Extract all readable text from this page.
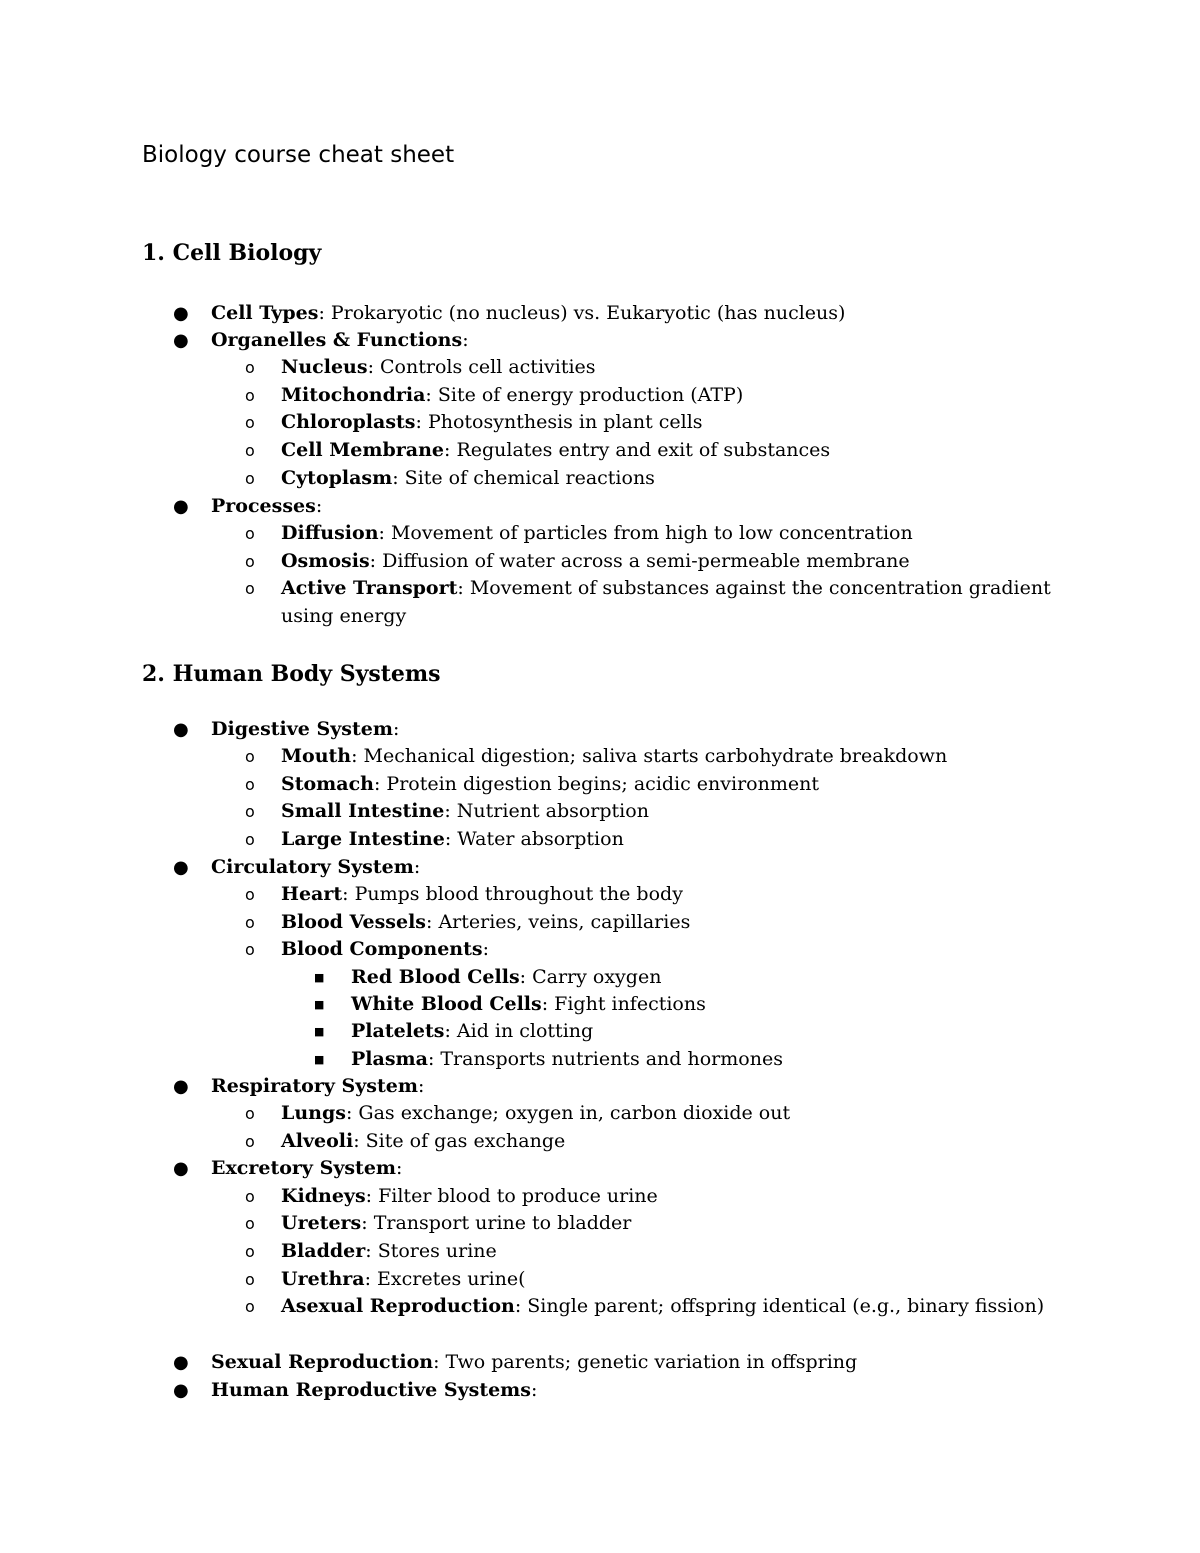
Biology course cheat sheet
1. Cell Biology
● Cell Types: Prokaryotic (no nucleus) vs. Eukaryotic (has nucleus)
● Organelles & Functions:
o Nucleus: Controls cell activities
o Mitochondria: Site of energy production (ATP)
o Chloroplasts: Photosynthesis in plant cells
o Cell Membrane: Regulates entry and exit of substances
o Cytoplasm: Site of chemical reactions
● Processes:
o Diffusion: Movement of particles from high to low concentration
o Osmosis: Diffusion of water across a semi-permeable membrane
o Active Transport: Movement of substances against the concentration gradient
using energy
2. Human Body Systems
● Digestive System:
o Mouth: Mechanical digestion; saliva starts carbohydrate breakdown
o Stomach: Protein digestion begins; acidic environment
o Small Intestine: Nutrient absorption
o Large Intestine: Water absorption
● Circulatory System:
o Heart: Pumps blood throughout the body
o Blood Vessels: Arteries, veins, capillaries
o Blood Components:
■ Red Blood Cells: Carry oxygen
■ White Blood Cells: Fight infections
■ Platelets: Aid in clotting
■ Plasma: Transports nutrients and hormones
● Respiratory System:
o Lungs: Gas exchange; oxygen in, carbon dioxide out
o Alveoli: Site of gas exchange
● Excretory System:
o Kidneys: Filter blood to produce urine
o Ureters: Transport urine to bladder
o Bladder: Stores urine
o Urethra: Excretes urine(
o Asexual Reproduction: Single parent; offspring identical (e.g., binary fission)
● Sexual Reproduction: Two parents; genetic variation in offspring
● Human Reproductive Systems:
